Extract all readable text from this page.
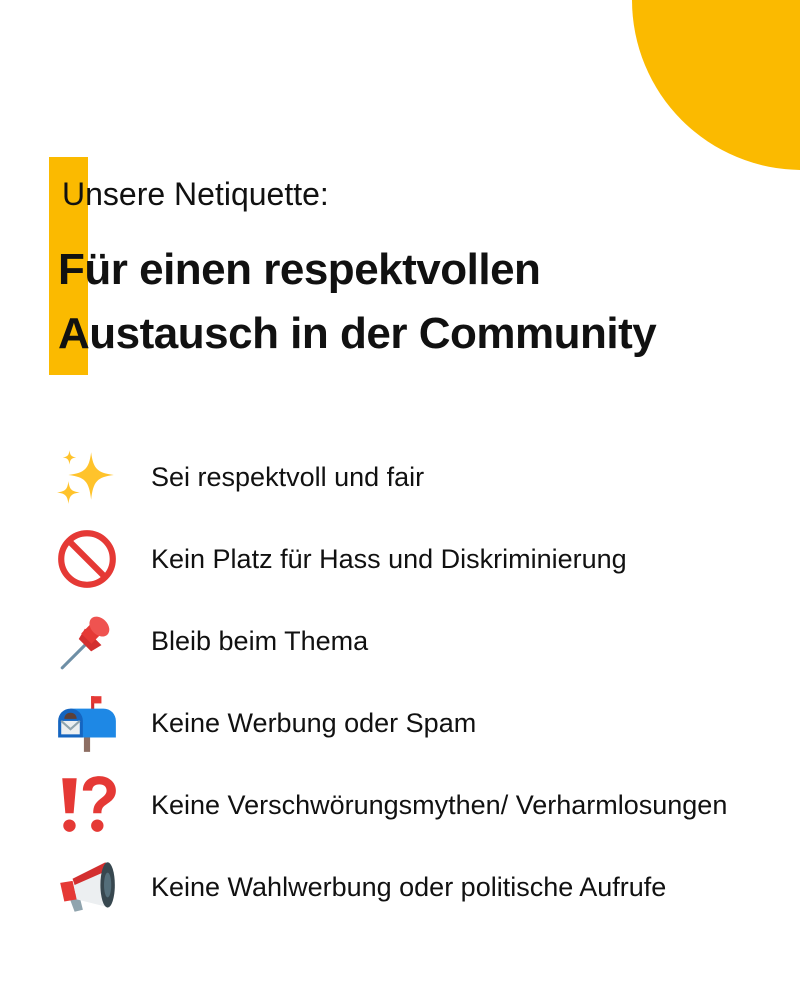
Unsere Netiquette:
Für einen respektvollen
Austausch in der Community
Sei respektvoll und fair
Kein Platz für Hass und Diskriminierung
Bleib beim Thema
Keine Werbung oder Spam
Keine Verschwörungsmythen/ Verharmlosungen
Keine Wahlwerbung oder politische Aufrufe
